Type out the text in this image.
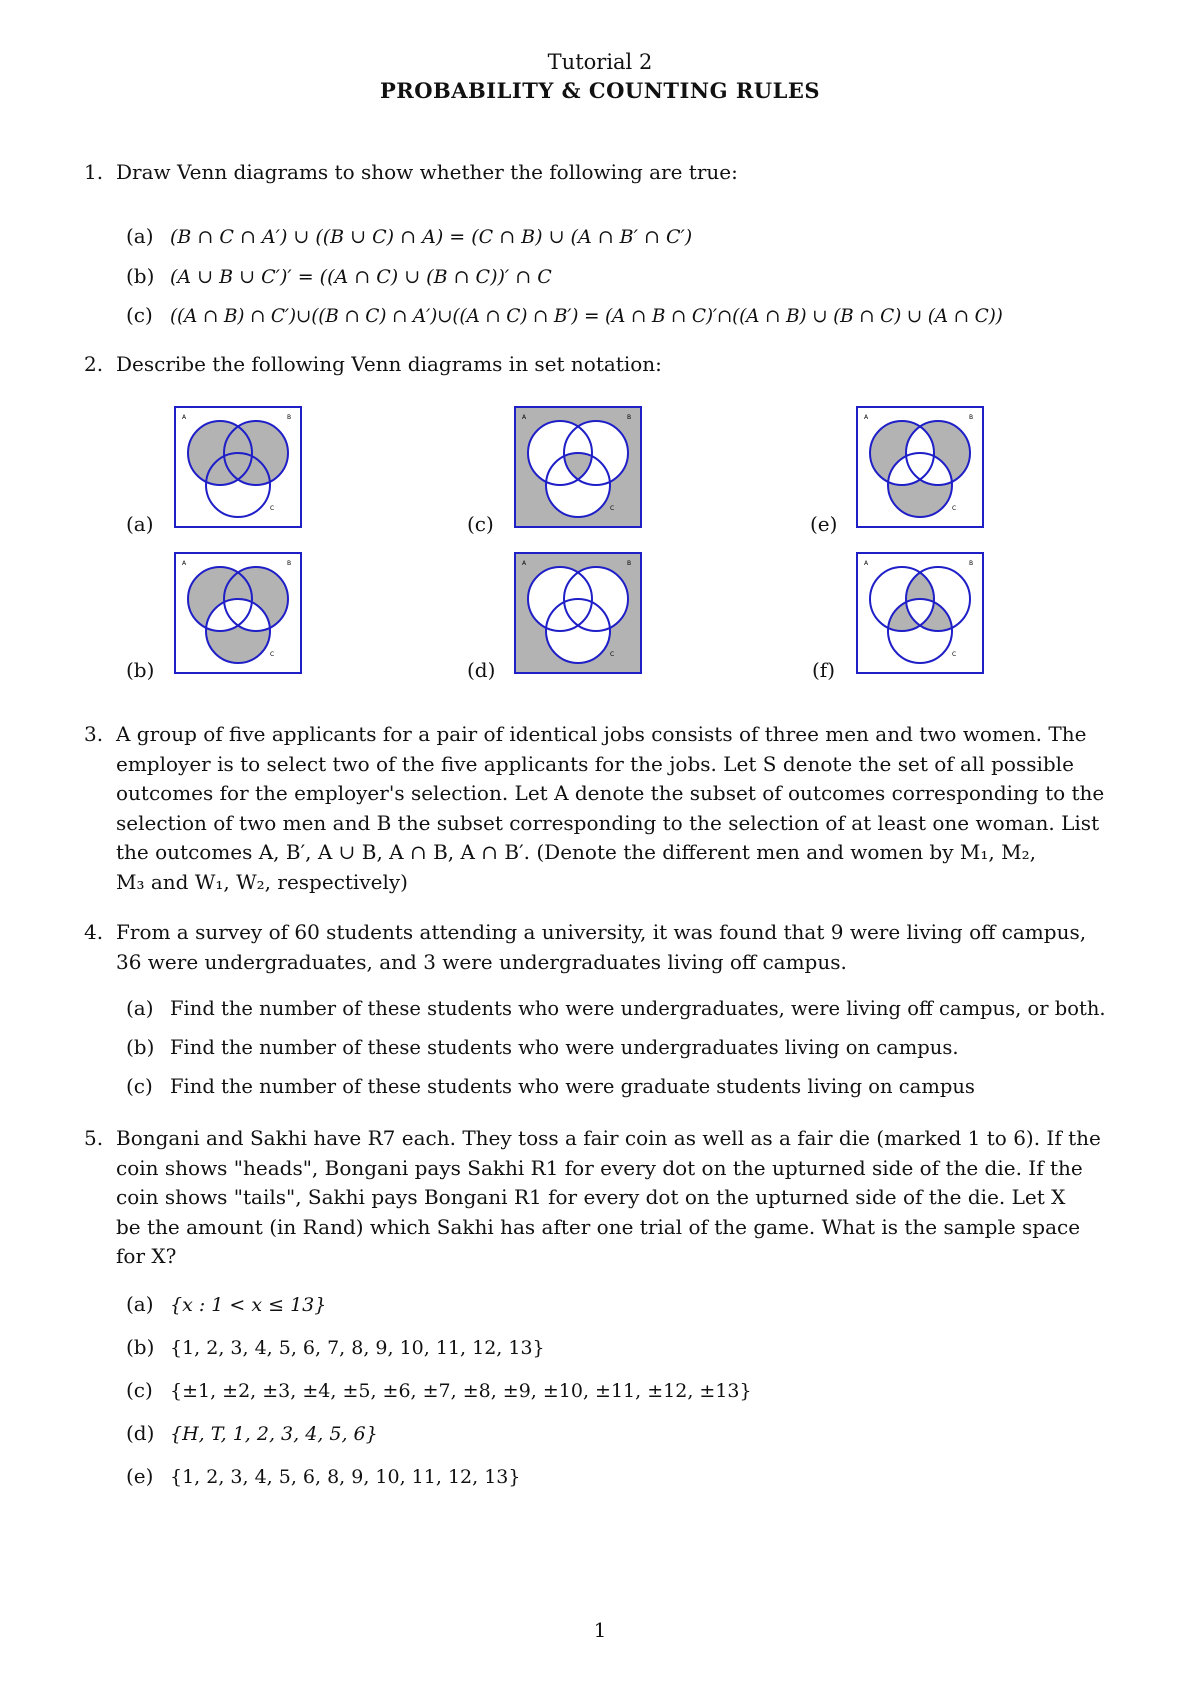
Tutorial 2
PROBABILITY & COUNTING RULES
1. Draw Venn diagrams to show whether the following are true:
(a) (B ∩ C ∩ A′) ∪ ((B ∪ C) ∩ A) = (C ∩ B) ∪ (A ∩ B′ ∩ C′)
(b) (A ∪ B ∪ C′)′ = ((A ∩ C) ∪ (B ∩ C))′ ∩ C
(c) ((A ∩ B) ∩ C′)∪((B ∩ C) ∩ A′)∪((A ∩ C) ∩ B′) = (A ∩ B ∩ C)′∩((A ∩ B) ∪ (B ∩ C) ∪ (A ∩ C))
2. Describe the following Venn diagrams in set notation:
(a)
A	B
C
(b)
A	B
C
(c)
A	B
C
(d)
A	B
C
(e)
A	B
C
(f)
A	B
C
3. A group of five applicants for a pair of identical jobs consists of three men and two women. The
employer is to select two of the five applicants for the jobs. Let S denote the set of all possible
outcomes for the employer's selection. Let A denote the subset of outcomes corresponding to the
selection of two men and B the subset corresponding to the selection of at least one woman. List
the outcomes A, B′, A ∪ B, A ∩ B, A ∩ B′. (Denote the different men and women by M₁, M₂,
M₃ and W₁, W₂, respectively)
4. From a survey of 60 students attending a university, it was found that 9 were living off campus,
36 were undergraduates, and 3 were undergraduates living off campus.
(a) Find the number of these students who were undergraduates, were living off campus, or both.
(b) Find the number of these students who were undergraduates living on campus.
(c) Find the number of these students who were graduate students living on campus
5. Bongani and Sakhi have R7 each. They toss a fair coin as well as a fair die (marked 1 to 6). If the
coin shows "heads", Bongani pays Sakhi R1 for every dot on the upturned side of the die. If the
coin shows "tails", Sakhi pays Bongani R1 for every dot on the upturned side of the die. Let X
be the amount (in Rand) which Sakhi has after one trial of the game. What is the sample space
for X?
(a) {x : 1 < x ≤ 13}
(b) {1, 2, 3, 4, 5, 6, 7, 8, 9, 10, 11, 12, 13}
(c) {±1, ±2, ±3, ±4, ±5, ±6, ±7, ±8, ±9, ±10, ±11, ±12, ±13}
(d) {H, T, 1, 2, 3, 4, 5, 6}
(e) {1, 2, 3, 4, 5, 6, 8, 9, 10, 11, 12, 13}
1
